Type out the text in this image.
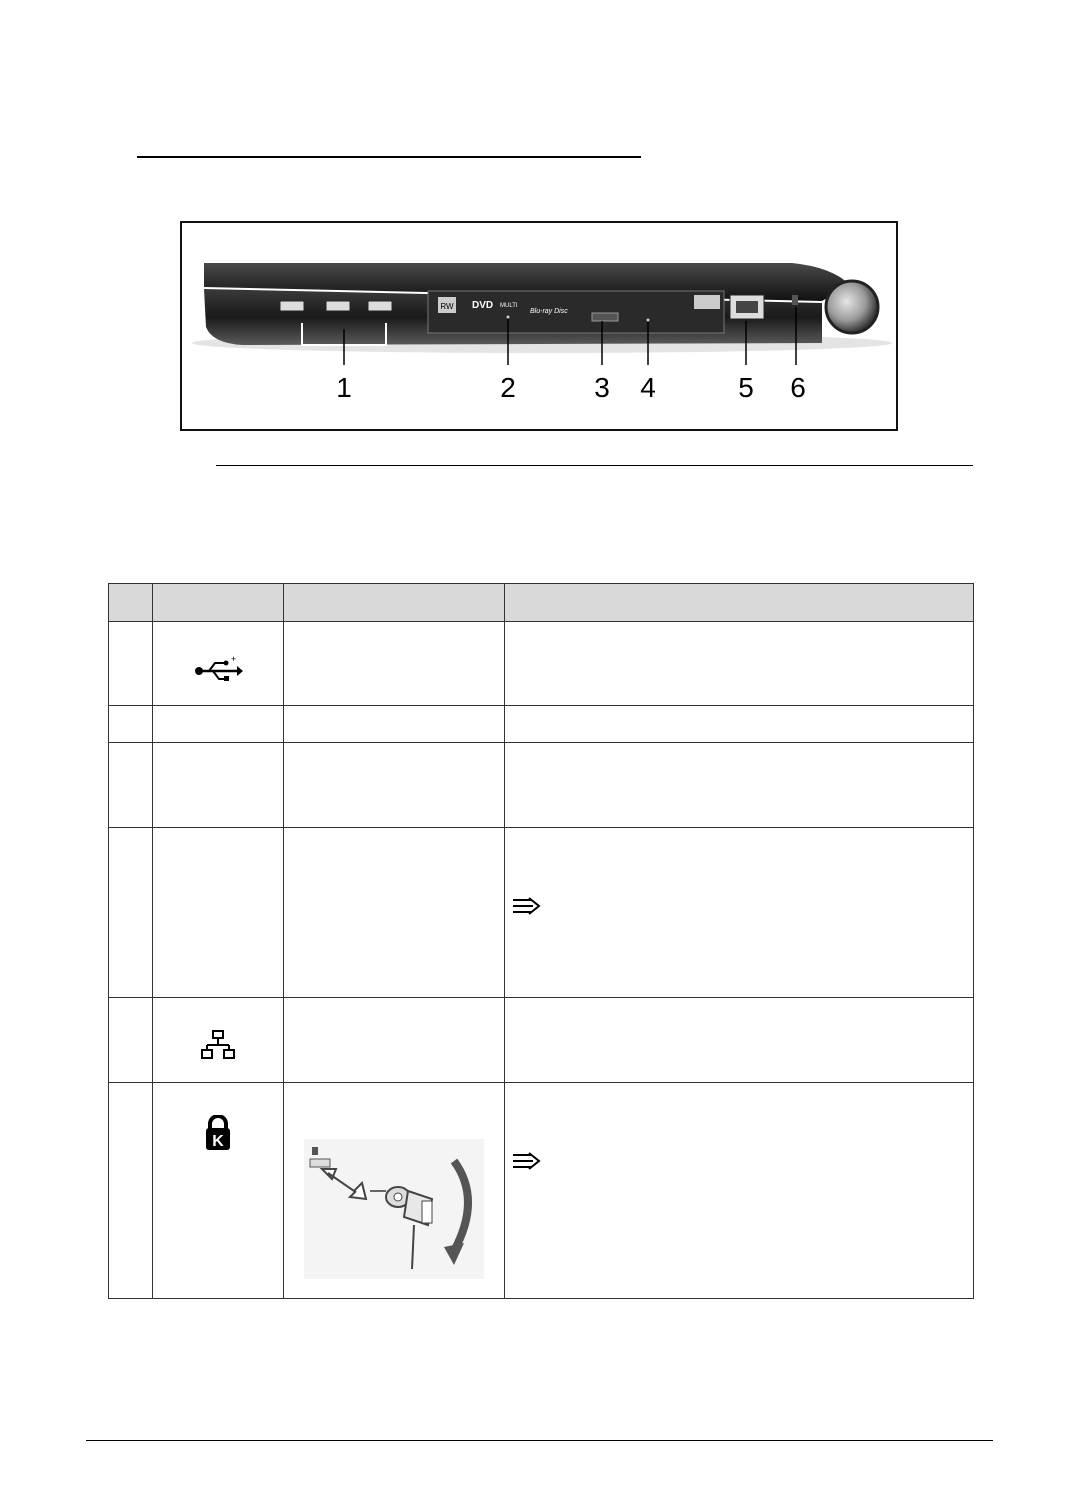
RW DVD MULTI
Blu-ray Disc
1	2	3 4	5 6

+		

K
